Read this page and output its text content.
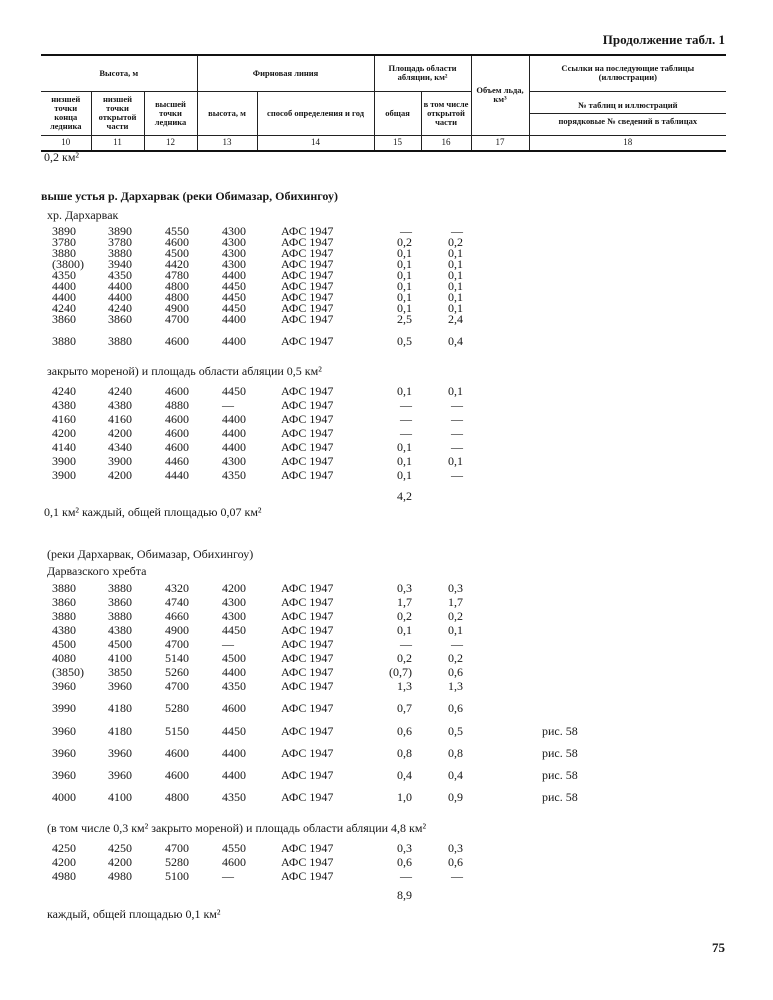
Продолжение табл. 1
Высота, м			Фирновая линия		Площадь области абляции, км²		Объем льда, км³	Ссылки на последующие таблицы (иллюстрации)
низшей точки конца ледника	низшей точки открытой части	высшей точки ледника	высота, м	способ определения и год	общая	в том числе открытой части		№ таблиц и иллюстраций
порядковые № сведений в таблицах

10	11	12	13	14	15	16	17	18
0,2 км²
выше устья р. Дархарвак (реки Обимазар, Обихингоу)
хр. Дархарвак
3890	3890	4550	4300	АФС 1947	—	—
3780	3780	4600	4300	АФС 1947	0,2	0,2
3880	3880	4500	4300	АФС 1947	0,1	0,1
(3800) 3940	4420	4300	АФС 1947	0,1	0,1
4350	4350	4780	4400	АФС 1947	0,1	0,1
4400	4400	4800	4450	АФС 1947	0,1	0,1
4400	4400	4800	4450	АФС 1947	0,1	0,1
4240	4240	4900	4450	АФС 1947	0,1	0,1
3860	3860	4700	4400	АФС 1947	2,5	2,4
3880	3880	4600	4400	АФС 1947	0,5	0,4
закрыто мореной) и площадь области абляции 0,5 км²
4240	4240	4600	4450	АФС 1947	0,1	0,1
4380	4380	4880	—	АФС 1947	—	—
4160	4160	4600	4400	АФС 1947	—	—
4200	4200	4600	4400	АФС 1947	—	—
4140	4340	4600	4400	АФС 1947	0,1	—
3900	3900	4460	4300	АФС 1947	0,1	0,1
3900	4200	4440	4350	АФС 1947	0,1	—
4,2
0,1 км² каждый, общей площадью 0,07 км²
(реки Дархарвак, Обимазар, Обихингоу)
Дарвазского хребта
3880	3880	4320	4200	АФС 1947	0,3	0,3
3860	3860	4740	4300	АФС 1947	1,7	1,7
3880	3880	4660	4300	АФС 1947	0,2	0,2
4380	4380	4900	4450	АФС 1947	0,1	0,1
4500	4500	4700	—	АФС 1947	—	—
4080	4100	5140	4500	АФС 1947	0,2	0,2
(3850) 3850	5260	4400	АФС 1947	(0,7)	0,6
3960	3960	4700	4350	АФС 1947	1,3	1,3
3990	4180	5280	4600	АФС 1947	0,7	0,6
3960	4180	5150	4450	АФС 1947	0,6	0,5	рис. 58
3960	3960	4600	4400	АФС 1947	0,8	0,8	рис. 58
3960	3960	4600	4400	АФС 1947	0,4	0,4	рис. 58
4000	4100	4800	4350	АФС 1947	1,0	0,9	рис. 58
(в том числе 0,3 км² закрыто мореной) и площадь области абляции 4,8 км²
4250	4250	4700	4550	АФС 1947	0,3	0,3
4200	4200	5280	4600	АФС 1947	0,6	0,6
4980	4980	5100	—	АФС 1947	—	—
8,9
каждый, общей площадью 0,1 км²
75
